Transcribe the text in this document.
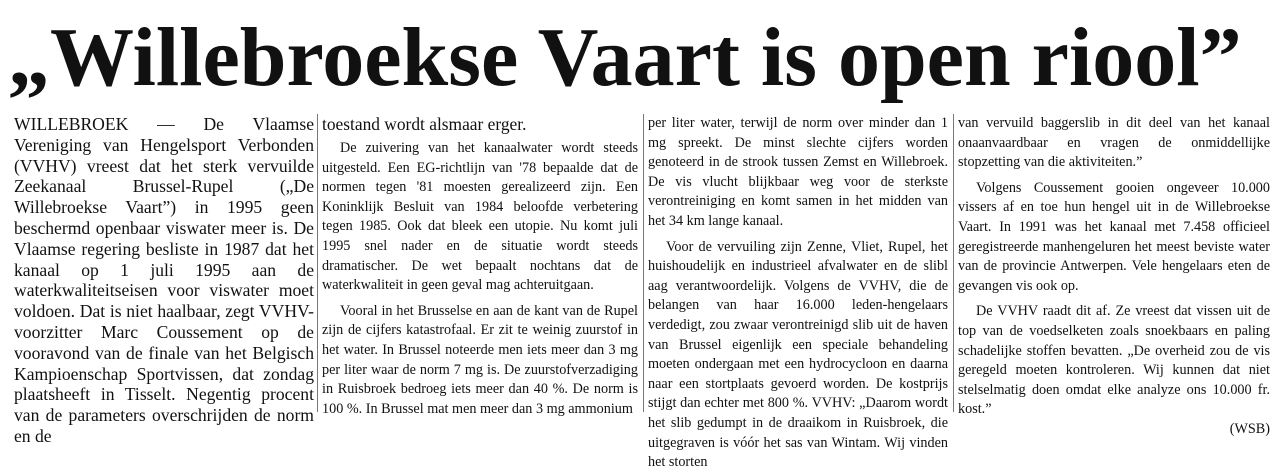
„Willebroekse Vaart is open riool”

WILLEBROEK — De Vlaamse Vereniging van Hengelsport Verbonden (VVHV) vreest dat het sterk vervuilde Zeekanaal Brussel-Rupel („De Willebroekse Vaart”) in 1995 geen beschermd openbaar viswater meer is. De Vlaamse regering besliste in 1987 dat het kanaal op 1 juli 1995 aan de waterkwaliteitseisen voor viswater moet voldoen. Dat is niet haalbaar, zegt VVHV-voorzitter Marc Coussement op de vooravond van de finale van het Belgisch Kampioenschap Sportvissen, dat zondag plaatsheeft in Tisselt. Negentig procent van de parameters overschrijden de norm en de

toestand wordt alsmaar erger.

De zuivering van het kanaalwater wordt steeds uitgesteld. Een EG-richtlijn van '78 bepaalde dat de normen tegen '81 moesten gerealizeerd zijn. Een Koninklijk Besluit van 1984 beloofde verbetering tegen 1985. Ook dat bleek een utopie. Nu komt juli 1995 snel nader en de situatie wordt steeds dramatischer. De wet bepaalt nochtans dat de waterkwaliteit in geen geval mag achteruitgaan.

Vooral in het Brusselse en aan de kant van de Rupel zijn de cijfers katastrofaal. Er zit te weinig zuurstof in het water. In Brussel noteerde men iets meer dan 3 mg per liter waar de norm 7 mg is. De zuurstofverzadiging in Ruisbroek bedroeg iets meer dan 40 %. De norm is 100 %. In Brussel mat men meer dan 3 mg ammonium

per liter water, terwijl de norm over minder dan 1 mg spreekt. De minst slechte cijfers worden genoteerd in de strook tussen Zemst en Willebroek. De vis vlucht blijkbaar weg voor de sterkste verontreiniging en komt samen in het midden van het 34 km lange kanaal.

Voor de vervuiling zijn Zenne, Vliet, Rupel, het huishoudelijk en industrieel afvalwater en de slibl aag verantwoordelijk. Volgens de VVHV, die de belangen van haar 16.000 leden-hengelaars verdedigt, zou zwaar verontreinigd slib uit de haven van Brussel eigenlijk een speciale behandeling moeten ondergaan met een hydrocycloon en daarna naar een stortplaats gevoerd worden. De kostprijs stijgt dan echter met 800 %. VVHV: „Daarom wordt het slib gedumpt in de draaikom in Ruisbroek, die uitgegraven is vóór het sas van Wintam. Wij vinden het storten

van vervuild baggerslib in dit deel van het kanaal onaanvaardbaar en vragen de onmiddellijke stopzetting van die aktiviteiten.”

Volgens Coussement gooien ongeveer 10.000 vissers af en toe hun hengel uit in de Willebroekse Vaart. In 1991 was het kanaal met 7.458 officieel geregistreerde manhengeluren het meest beviste water van de provincie Antwerpen. Vele hengelaars eten de gevangen vis ook op.

De VVHV raadt dit af. Ze vreest dat vissen uit de top van de voedselketen zoals snoekbaars en paling schadelijke stoffen bevatten. „De overheid zou de vis geregeld moeten kontroleren. Wij kunnen dat niet stelselmatig doen omdat elke analyze ons 10.000 fr. kost.”

(WSB)
